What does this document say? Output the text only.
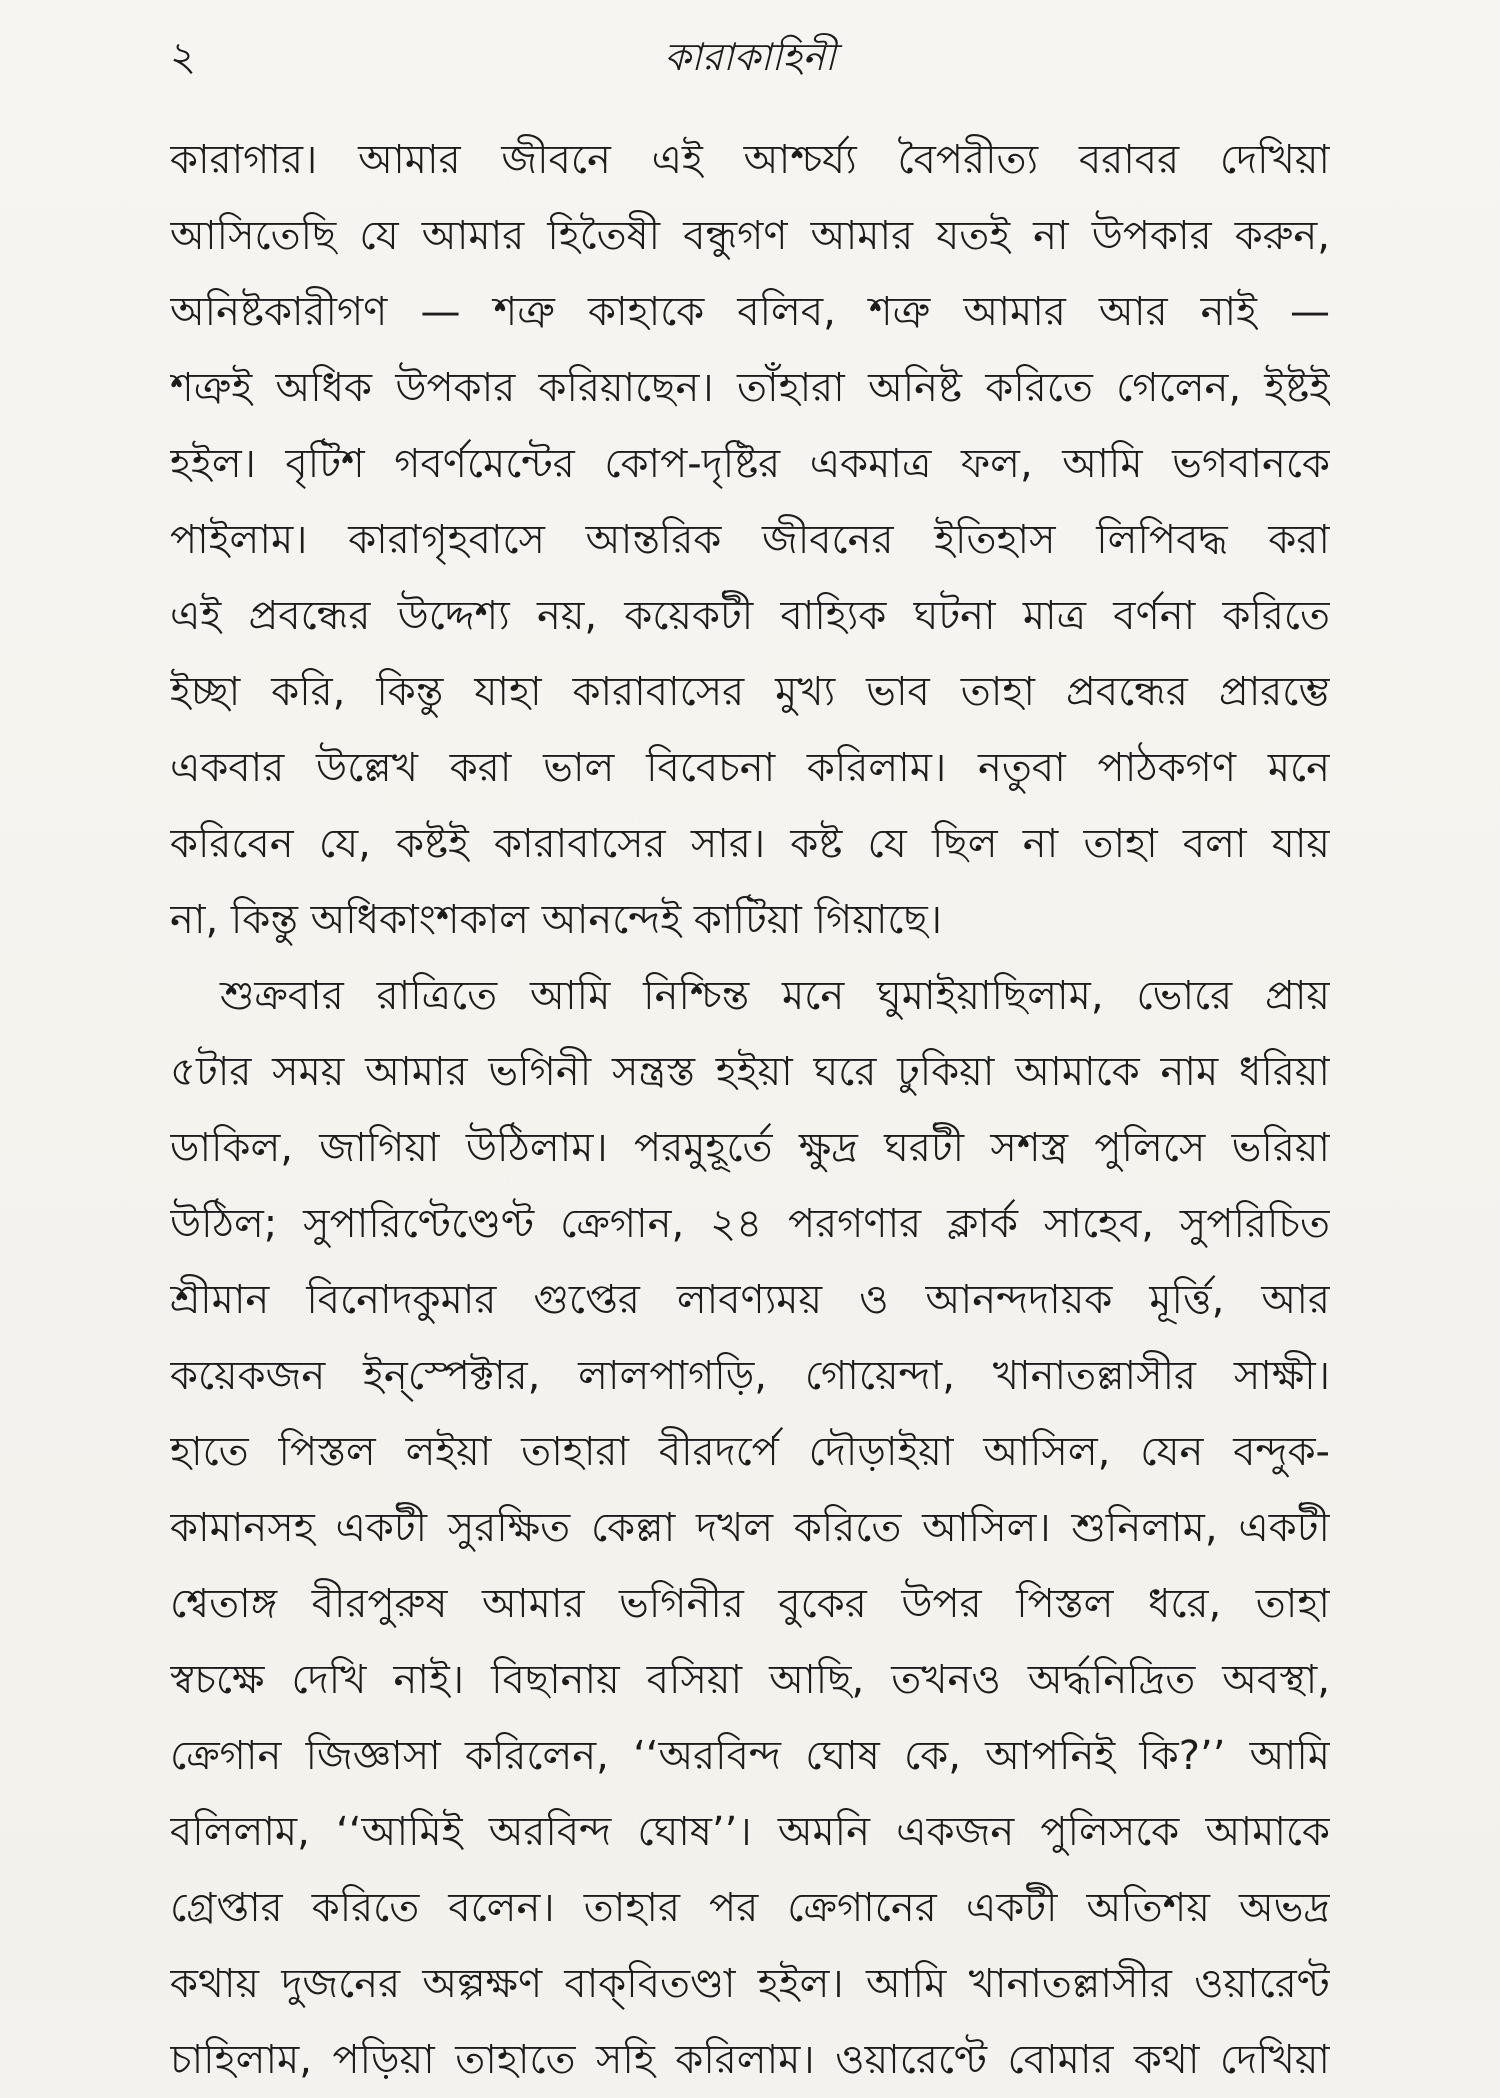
২	কারাকাহিনী
কারাগার। আমার জীবনে এই আশ্চর্য্য বৈপরীত্য বরাবর দেখিয়া
আসিতেছি যে আমার হিতৈষী বন্ধুগণ আমার যতই না উপকার করুন,
অনিষ্টকারীগণ — শত্রু কাহাকে বলিব, শত্রু আমার আর নাই —
শত্রুই অধিক উপকার করিয়াছেন। তাঁহারা অনিষ্ট করিতে গেলেন, ইষ্টই
হইল। বৃটিশ গবর্ণমেন্টের কোপ-দৃষ্টির একমাত্র ফল, আমি ভগবানকে
পাইলাম। কারাগৃহবাসে আন্তরিক জীবনের ইতিহাস লিপিবদ্ধ করা
এই প্রবন্ধের উদ্দেশ্য নয়, কয়েকটী বাহ্যিক ঘটনা মাত্র বর্ণনা করিতে
ইচ্ছা করি, কিন্তু যাহা কারাবাসের মুখ্য ভাব তাহা প্রবন্ধের প্রারম্ভে
একবার উল্লেখ করা ভাল বিবেচনা করিলাম। নতুবা পাঠকগণ মনে
করিবেন যে, কষ্টই কারাবাসের সার। কষ্ট যে ছিল না তাহা বলা যায়
না, কিন্তু অধিকাংশকাল আনন্দেই কাটিয়া গিয়াছে।
শুক্রবার রাত্রিতে আমি নিশ্চিন্ত মনে ঘুমাইয়াছিলাম, ভোরে প্রায়
৫টার সময় আমার ভগিনী সন্ত্রস্ত হইয়া ঘরে ঢুকিয়া আমাকে নাম ধরিয়া
ডাকিল, জাগিয়া উঠিলাম। পরমুহূর্তে ক্ষুদ্র ঘরটী সশস্ত্র পুলিসে ভরিয়া
উঠিল; সুপারিণ্টেণ্ডেণ্ট ক্রেগান, ২৪ পরগণার ক্লার্ক সাহেব, সুপরিচিত
শ্রীমান বিনোদকুমার গুপ্তের লাবণ্যময় ও আনন্দদায়ক মূর্ত্তি, আর
কয়েকজন ইন্‌স্পেক্টার, লালপাগড়ি, গোয়েন্দা, খানাতল্লাসীর সাক্ষী।
হাতে পিস্তল লইয়া তাহারা বীরদর্পে দৌড়াইয়া আসিল, যেন বন্দুক-
কামানসহ একটী সুরক্ষিত কেল্লা দখল করিতে আসিল। শুনিলাম, একটী
শ্বেতাঙ্গ বীরপুরুষ আমার ভগিনীর বুকের উপর পিস্তল ধরে, তাহা
স্বচক্ষে দেখি নাই। বিছানায় বসিয়া আছি, তখনও অর্দ্ধনিদ্রিত অবস্থা,
ক্রেগান জিজ্ঞাসা করিলেন, ‘‘অরবিন্দ ঘোষ কে, আপনিই কি?’’ আমি
বলিলাম, ‘‘আমিই অরবিন্দ ঘোষ’’। অমনি একজন পুলিসকে আমাকে
গ্রেপ্তার করিতে বলেন। তাহার পর ক্রেগানের একটী অতিশয় অভদ্র
কথায় দুজনের অল্পক্ষণ বাক্‌বিতণ্ডা হইল। আমি খানাতল্লাসীর ওয়ারেণ্ট
চাহিলাম, পড়িয়া তাহাতে সহি করিলাম। ওয়ারেণ্টে বোমার কথা দেখিয়া
